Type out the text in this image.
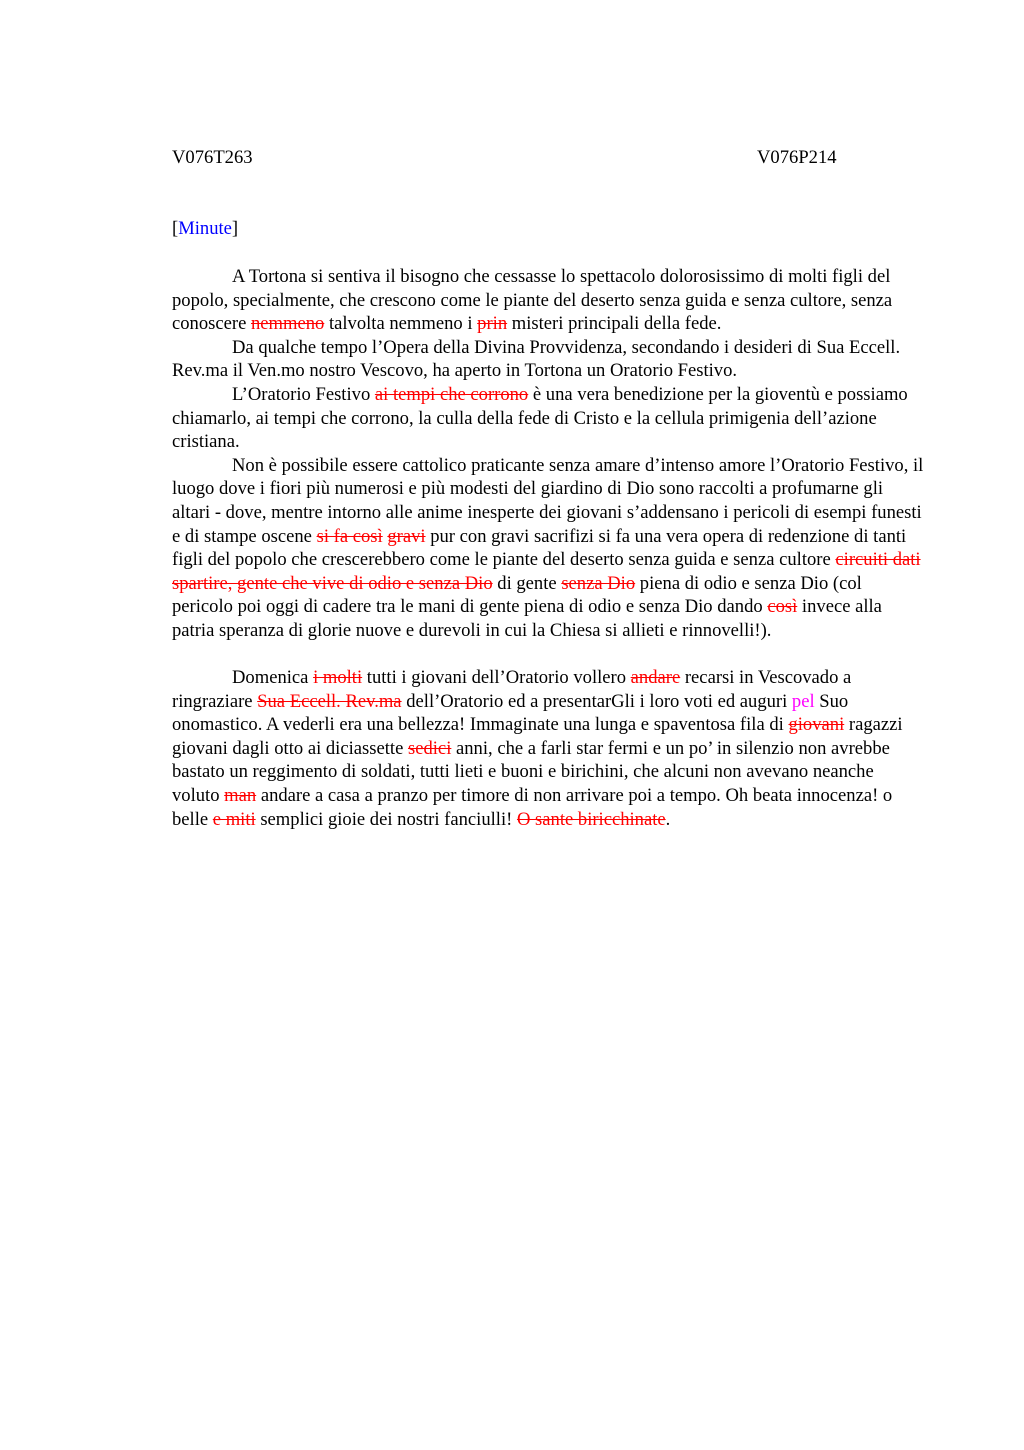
V076T263	V076P214
[Minute]

A Tortona si sentiva il bisogno che cessasse lo spettacolo dolorosissimo di molti figli del popolo, specialmente, che crescono come le piante del deserto senza guida e senza cultore, senza conoscere nemmeno talvolta nemmeno i prin misteri principali della fede.

Da qualche tempo l’Opera della Divina Provvidenza, secondando i desideri di Sua Eccell. Rev.ma il Ven.mo nostro Vescovo, ha aperto in Tortona un Oratorio Festivo.

L’Oratorio Festivo ai tempi che corrono è una vera benedizione per la gioventù e possiamo chiamarlo, ai tempi che corrono, la culla della fede di Cristo e la cellula primigenia dell’azione cristiana.

Non è possibile essere cattolico praticante senza amare d’intenso amore l’Oratorio Festivo, il luogo dove i fiori più numerosi e più modesti del giardino di Dio sono raccolti a profumarne gli altari - dove, mentre intorno alle anime inesperte dei giovani s’addensano i pericoli di esempi funesti e di stampe oscene si fa così gravi pur con gravi sacrifizi si fa una vera opera di redenzione di tanti figli del popolo che crescerebbero come le piante del deserto senza guida e senza cultore circuiti dati spartire, gente che vive di odio e senza Dio di gente senza Dio piena di odio e senza Dio (col pericolo poi oggi di cadere tra le mani di gente piena di odio e senza Dio dando così invece alla patria speranza di glorie nuove e durevoli in cui la Chiesa si allieti e rinnovelli!).

Domenica i molti tutti i giovani dell’Oratorio vollero andare recarsi in Vescovado a ringraziare Sua Eccell. Rev.ma dell’Oratorio ed a presentarGli i loro voti ed auguri pel Suo onomastico. A vederli era una bellezza! Immaginate una lunga e spaventosa fila di giovani ragazzi giovani dagli otto ai diciassette sedici anni, che a farli star fermi e un po’ in silenzio non avrebbe bastato un reggimento di soldati, tutti lieti e buoni e birichini, che alcuni non avevano neanche voluto man andare a casa a pranzo per timore di non arrivare poi a tempo. Oh beata innocenza! o belle e miti semplici gioie dei nostri fanciulli! O sante biricchinate.
